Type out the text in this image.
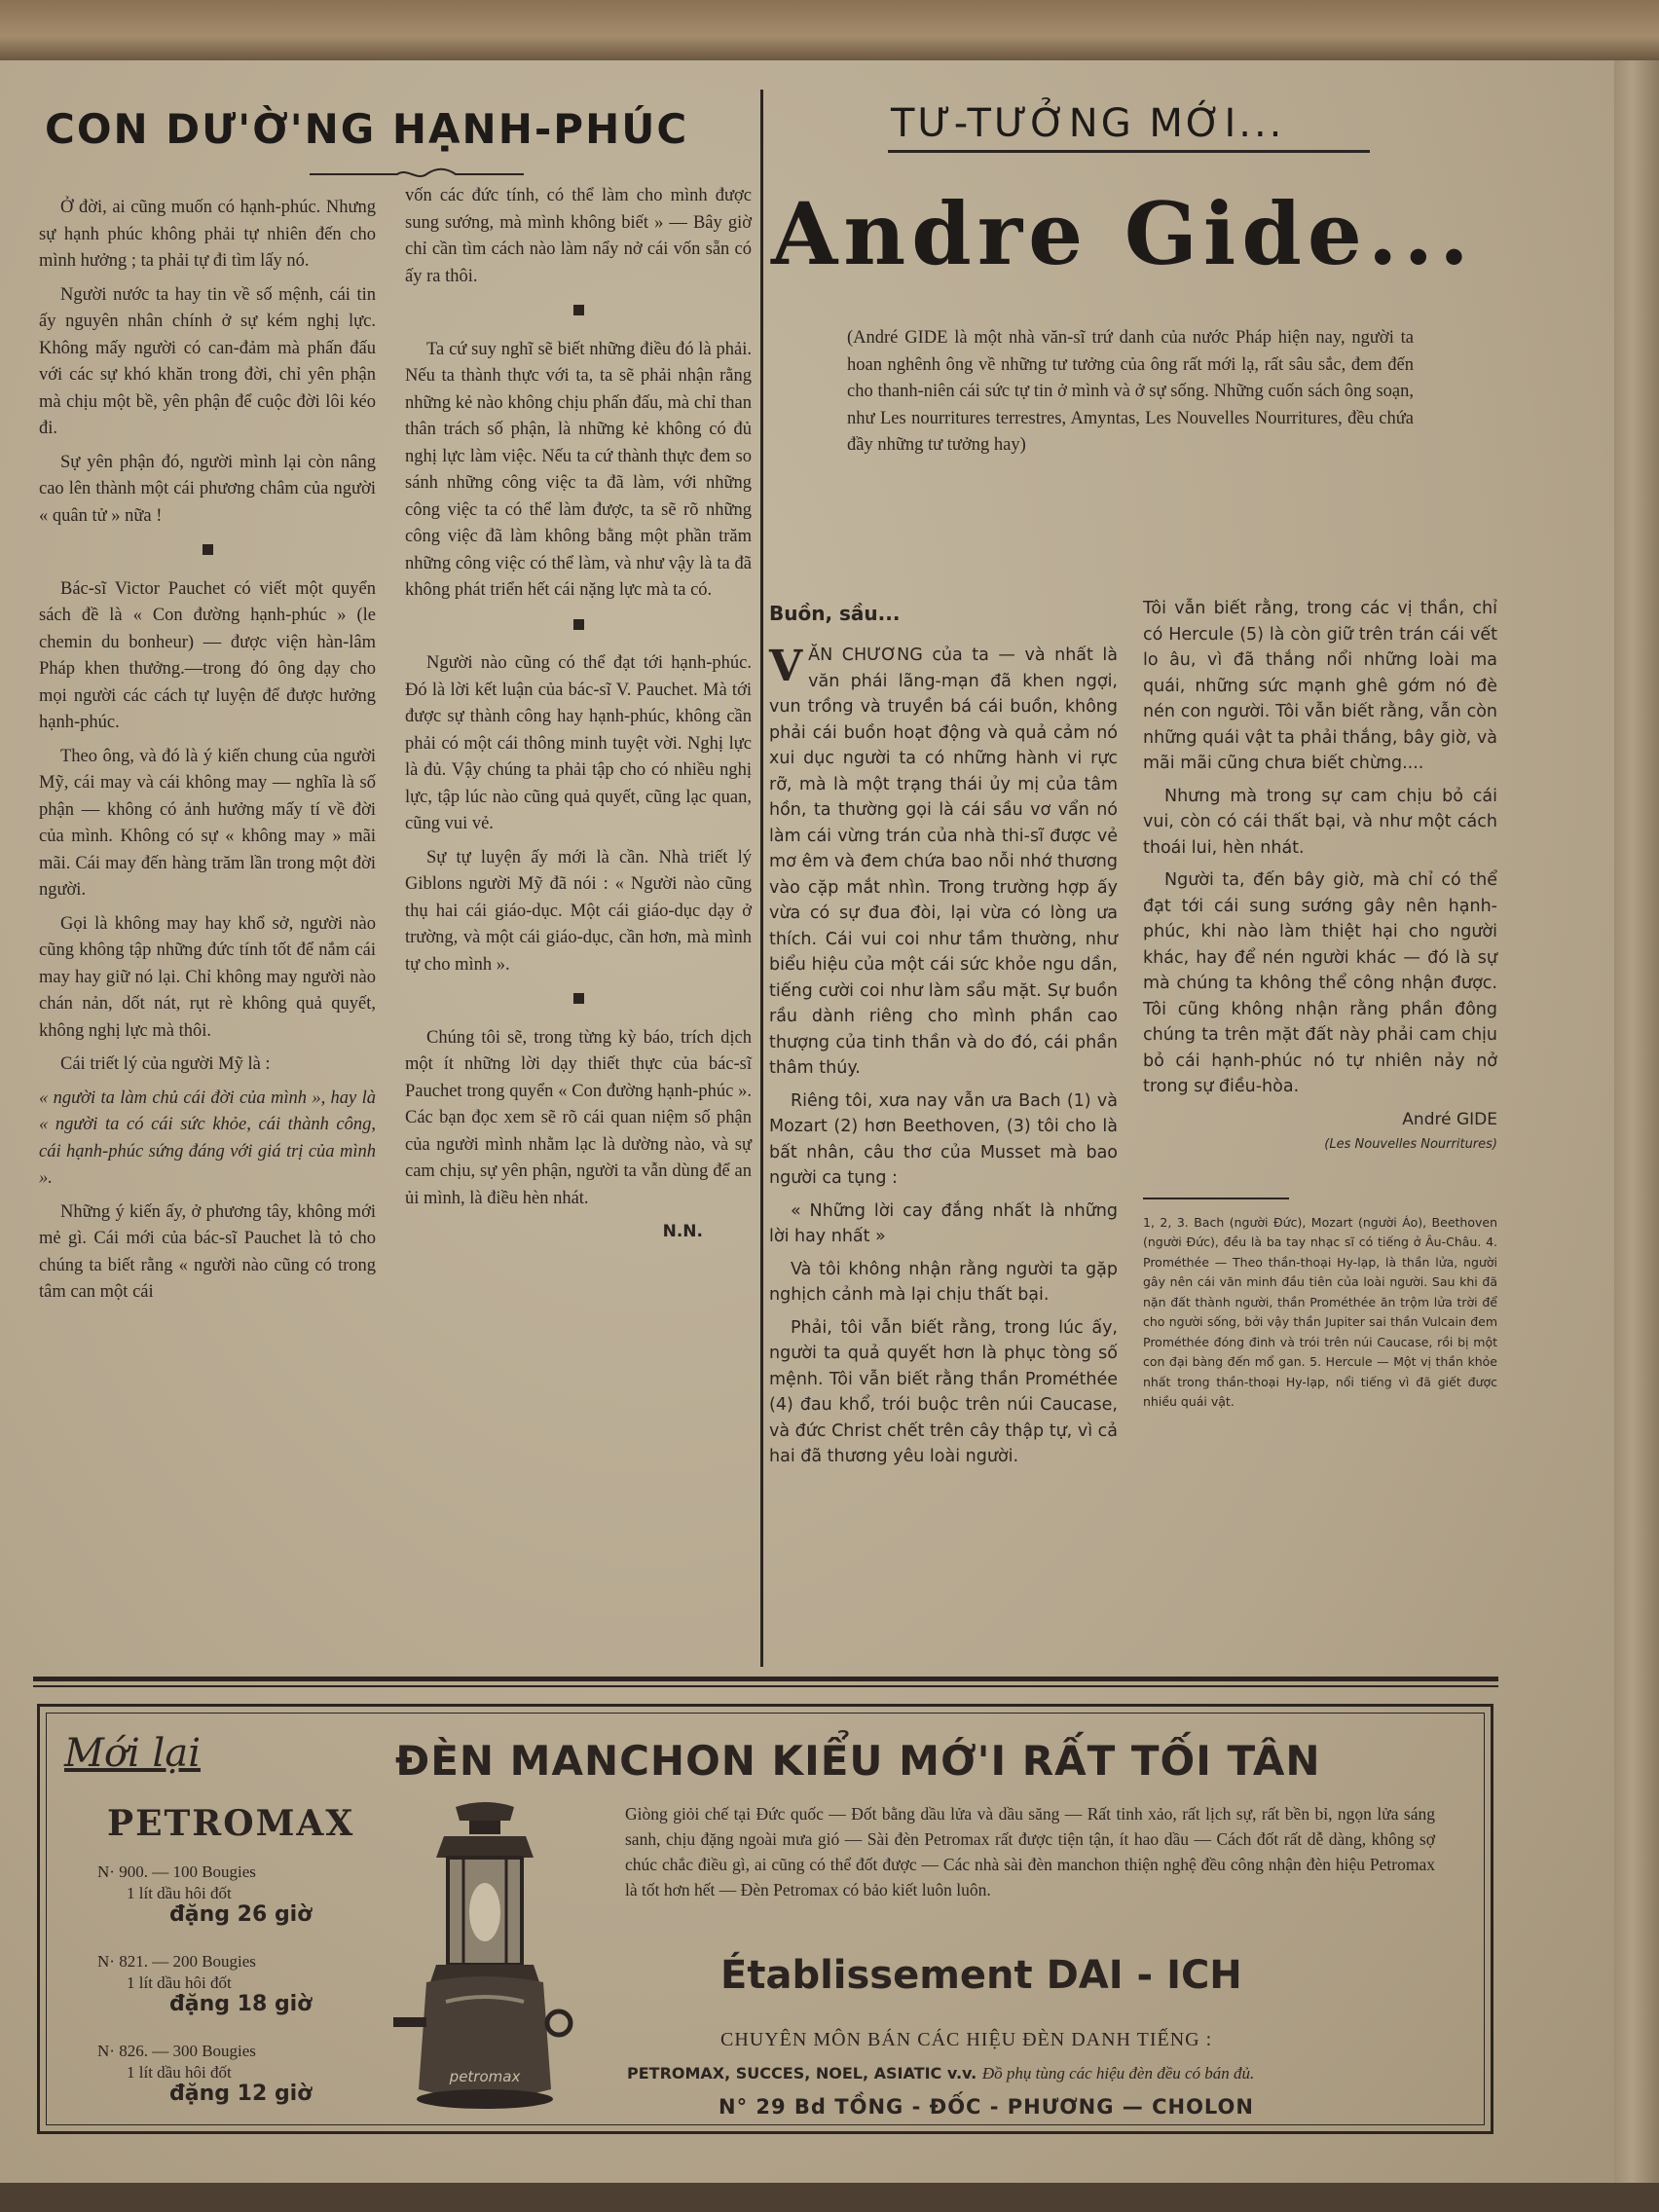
CON DƯ'Ờ'NG HẠNH-PHÚC

Ở đời, ai cũng muốn có hạnh-phúc. Nhưng sự hạnh phúc không phải tự nhiên đến cho mình hưởng ; ta phải tự đi tìm lấy nó.

Người nước ta hay tin về số mệnh, cái tin ấy nguyên nhân chính ở sự kém nghị lực. Không mấy người có can-đảm mà phấn đấu với các sự khó khăn trong đời, chỉ yên phận mà chịu một bề, yên phận để cuộc đời lôi kéo đi.

Sự yên phận đó, người mình lại còn nâng cao lên thành một cái phương châm của người « quân tử » nữa !

Bác-sĩ Victor Pauchet có viết một quyển sách đề là « Con đường hạnh-phúc » (le chemin du bonheur) — được viện hàn-lâm Pháp khen thưởng.—trong đó ông dạy cho mọi người các cách tự luyện để được hưởng hạnh-phúc.

Theo ông, và đó là ý kiến chung của người Mỹ, cái may và cái không may — nghĩa là số phận — không có ảnh hưởng mấy tí về đời của mình. Không có sự « không may » mãi mãi. Cái may đến hàng trăm lần trong một đời người.

Gọi là không may hay khổ sở, người nào cũng không tập những đức tính tốt để nắm cái may hay giữ nó lại. Chỉ không may người nào chán nản, dốt nát, rụt rè không quả quyết, không nghị lực mà thôi.

Cái triết lý của người Mỹ là :

« người ta làm chủ cái đời của mình », hay là « người ta có cái sức khỏe, cái thành công, cái hạnh-phúc sứng đáng với giá trị của mình ».

Những ý kiến ấy, ở phương tây, không mới mẻ gì. Cái mới của bác-sĩ Pauchet là tỏ cho chúng ta biết rằng « người nào cũng có trong tâm can một cái

vốn các đức tính, có thể làm cho mình được sung sướng, mà mình không biết » — Bây giờ chỉ cần tìm cách nào làm nẩy nở cái vốn sẵn có ấy ra thôi.

Ta cứ suy nghĩ sẽ biết những điều đó là phải. Nếu ta thành thực với ta, ta sẽ phải nhận rằng những kẻ nào không chịu phấn đấu, mà chỉ than thân trách số phận, là những kẻ không có đủ nghị lực làm việc. Nếu ta cứ thành thực đem so sánh những công việc ta đã làm, với những công việc ta có thể làm được, ta sẽ rõ những công việc đã làm không bằng một phần trăm những công việc có thể làm, và như vậy là ta đã không phát triển hết cái nặng lực mà ta có.

Người nào cũng có thể đạt tới hạnh-phúc. Đó là lời kết luận của bác-sĩ V. Pauchet. Mà tới được sự thành công hay hạnh-phúc, không cần phải có một cái thông minh tuyệt vời. Nghị lực là đủ. Vậy chúng ta phải tập cho có nhiều nghị lực, tập lúc nào cũng quả quyết, cũng lạc quan, cũng vui vẻ.

Sự tự luyện ấy mới là cần. Nhà triết lý Giblons người Mỹ đã nói : « Người nào cũng thụ hai cái giáo-dục. Một cái giáo-dục dạy ở trường, và một cái giáo-dục, cần hơn, mà mình tự cho mình ».

Chúng tôi sẽ, trong từng kỳ báo, trích dịch một ít những lời dạy thiết thực của bác-sĩ Pauchet trong quyển « Con đường hạnh-phúc ». Các bạn đọc xem sẽ rõ cái quan niệm số phận của người mình nhằm lạc là dường nào, và sự cam chịu, sự yên phận, người ta vẫn dùng để an ủi mình, là điều hèn nhát.

N.N.
TƯ-TƯỞNG MỚI...
Andre Gide...
(André GIDE là một nhà văn-sĩ trứ danh của nước Pháp hiện nay, người ta hoan nghênh ông về những tư tưởng của ông rất mới lạ, rất sâu sắc, đem đến cho thanh-niên cái sức tự tin ở mình và ở sự sống. Những cuốn sách ông soạn, như Les nourritures terrestres, Amyntas, Les Nouvelles Nourritures, đều chứa đầy những tư tưởng hay)
Buồn, sầu...

VĂN CHƯƠNG của ta — và nhất là văn phái lãng-mạn đã khen ngợi, vun trồng và truyền bá cái buồn, không phải cái buồn hoạt động và quả cảm nó xui dục người ta có những hành vi rực rỡ, mà là một trạng thái ủy mị của tâm hồn, ta thường gọi là cái sầu vơ vẩn nó làm cái vừng trán của nhà thi-sĩ được vẻ mơ êm và đem chứa bao nỗi nhớ thương vào cặp mắt nhìn. Trong trường hợp ấy vừa có sự đua đòi, lại vừa có lòng ưa thích. Cái vui coi như tầm thường, như biểu hiệu của một cái sức khỏe ngu dần, tiếng cười coi như làm sẩu mặt. Sự buồn rầu dành riêng cho mình phần cao thượng của tinh thần và do đó, cái phần thâm thúy.

Riêng tôi, xưa nay vẫn ưa Bach (1) và Mozart (2) hơn Beethoven, (3) tôi cho là bất nhân, câu thơ của Musset mà bao người ca tụng :

« Những lời cay đắng nhất là những lời hay nhất »

Và tôi không nhận rằng người ta gặp nghịch cảnh mà lại chịu thất bại.

Phải, tôi vẫn biết rằng, trong lúc ấy, người ta quả quyết hơn là phục tòng số mệnh. Tôi vẫn biết rằng thần Prométhée (4) đau khổ, trói buộc trên núi Caucase, và đức Christ chết trên cây thập tự, vì cả hai đã thương yêu loài người.

Tôi vẫn biết rằng, trong các vị thần, chỉ có Hercule (5) là còn giữ trên trán cái vết lo âu, vì đã thắng nổi những loài ma quái, những sức mạnh ghê gớm nó đè nén con người. Tôi vẫn biết rằng, vẫn còn những quái vật ta phải thắng, bây giờ, và mãi mãi cũng chưa biết chừng....

Nhưng mà trong sự cam chịu bỏ cái vui, còn có cái thất bại, và như một cách thoái lui, hèn nhát.

Người ta, đến bây giờ, mà chỉ có thể đạt tới cái sung sướng gây nên hạnh-phúc, khi nào làm thiệt hại cho người khác, hay để nén người khác — đó là sự mà chúng ta không thể công nhận được. Tôi cũng không nhận rằng phần đông chúng ta trên mặt đất này phải cam chịu bỏ cái hạnh-phúc nó tự nhiên nảy nở trong sự điều-hòa.

André GIDE
(Les Nouvelles Nourritures)
1, 2, 3. Bach (người Đức), Mozart (người Áo), Beethoven (người Đức), đều là ba tay nhạc sĩ có tiếng ở Âu-Châu. 4. Prométhée — Theo thần-thoại Hy-lạp, là thần lửa, người gây nên cái văn minh đầu tiên của loài người. Sau khi đã nặn đất thành người, thần Prométhée ăn trộm lửa trời để cho người sống, bởi vậy thần Jupiter sai thần Vulcain đem Prométhée đóng đinh và trói trên núi Caucase, rồi bị một con đại bàng đến mổ gan. 5. Hercule — Một vị thần khỏe nhất trong thần-thoại Hy-lạp, nổi tiếng vì đã giết được nhiều quái vật.
Mới lại
PETROMAX
N· 900. — 100 Bougies
1 lít dầu hôi đốt
đặng 26 giờ
N· 821. — 200 Bougies
1 lít dầu hôi đốt
đặng 18 giờ
N· 826. — 300 Bougies
1 lít dầu hôi đốt
đặng 12 giờ
petromax
ĐÈN MANCHON KIỂU MỚ'I RẤT TỐI TÂN
Giòng giỏi chế tại Đức quốc — Đốt bằng dầu lửa và dầu săng — Rất tinh xảo, rất lịch sự, rất bền bỉ, ngọn lửa sáng sanh, chịu đặng ngoài mưa gió — Sài đèn Petromax rất được tiện tận, ít hao dầu — Cách đốt rất dễ dàng, không sợ chúc chắc điều gì, ai cũng có thể đốt được — Các nhà sài đèn manchon thiện nghệ đều công nhận đèn hiệu Petromax là tốt hơn hết — Đèn Petromax có bảo kiết luôn luôn.
Établissement DAI - ICH
CHUYÊN MÔN BÁN CÁC HIỆU ĐÈN DANH TIẾNG :
PETROMAX, SUCCES, NOEL, ASIATIC v.v. Đồ phụ tùng các hiệu đèn đều có bán đủ.
N° 29 Bd TỒNG - ĐỐC - PHƯƠNG — CHOLON
